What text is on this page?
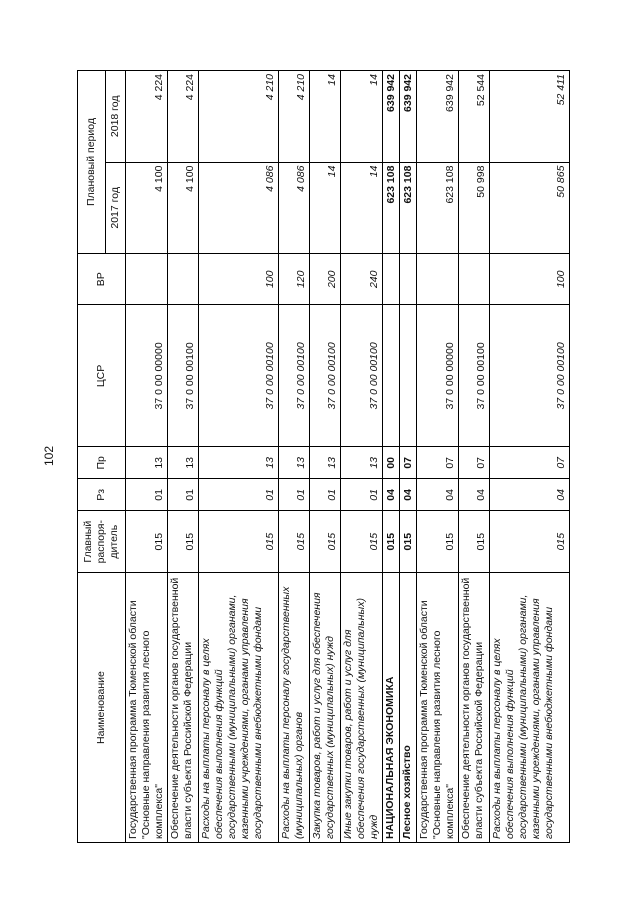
102
Наименование	Главный распоря-дитель	Рз	Пр	ЦСР	ВР	Плановый период	
						2017 год	2018 год
Государственная программа Тюменской области "Основные направления развития лесного комплекса"	015	01	13	37 0 00 00000		4 100	4 224
Обеспечение деятельности органов государственной власти субъекта Российской Федерации	015	01	13	37 0 00 00100		4 100	4 224
Расходы на выплаты персоналу в целях обеспечения выполнения функций государственными (муниципальными) органами, казенными учреждениями, органами управления государственными внебюджетными фондами	015	01	13	37 0 00 00100	100	4 086	4 210
Расходы на выплаты персоналу государственных (муниципальных) органов	015	01	13	37 0 00 00100	120	4 086	4 210
Закупка товаров, работ и услуг для обеспечения государственных (муниципальных) нужд	015	01	13	37 0 00 00100	200	14	14
Иные закупки товаров, работ и услуг для обеспечения государственных (муниципальных) нужд	015	01	13	37 0 00 00100	240	14	14
НАЦИОНАЛЬНАЯ ЭКОНОМИКА	015	04	00			623 108	639 942
Лесное хозяйство	015	04	07			623 108	639 942
Государственная программа Тюменской области "Основные направления развития лесного комплекса"	015	04	07	37 0 00 00000		623 108	639 942
Обеспечение деятельности органов государственной власти субъекта Российской Федерации	015	04	07	37 0 00 00100		50 998	52 544
Расходы на выплаты персоналу в целях обеспечения выполнения функций государственными (муниципальными) органами, казенными учреждениями, органами управления государственными внебюджетными фондами	015	04	07	37 0 00 00100	100	50 865	52 411
